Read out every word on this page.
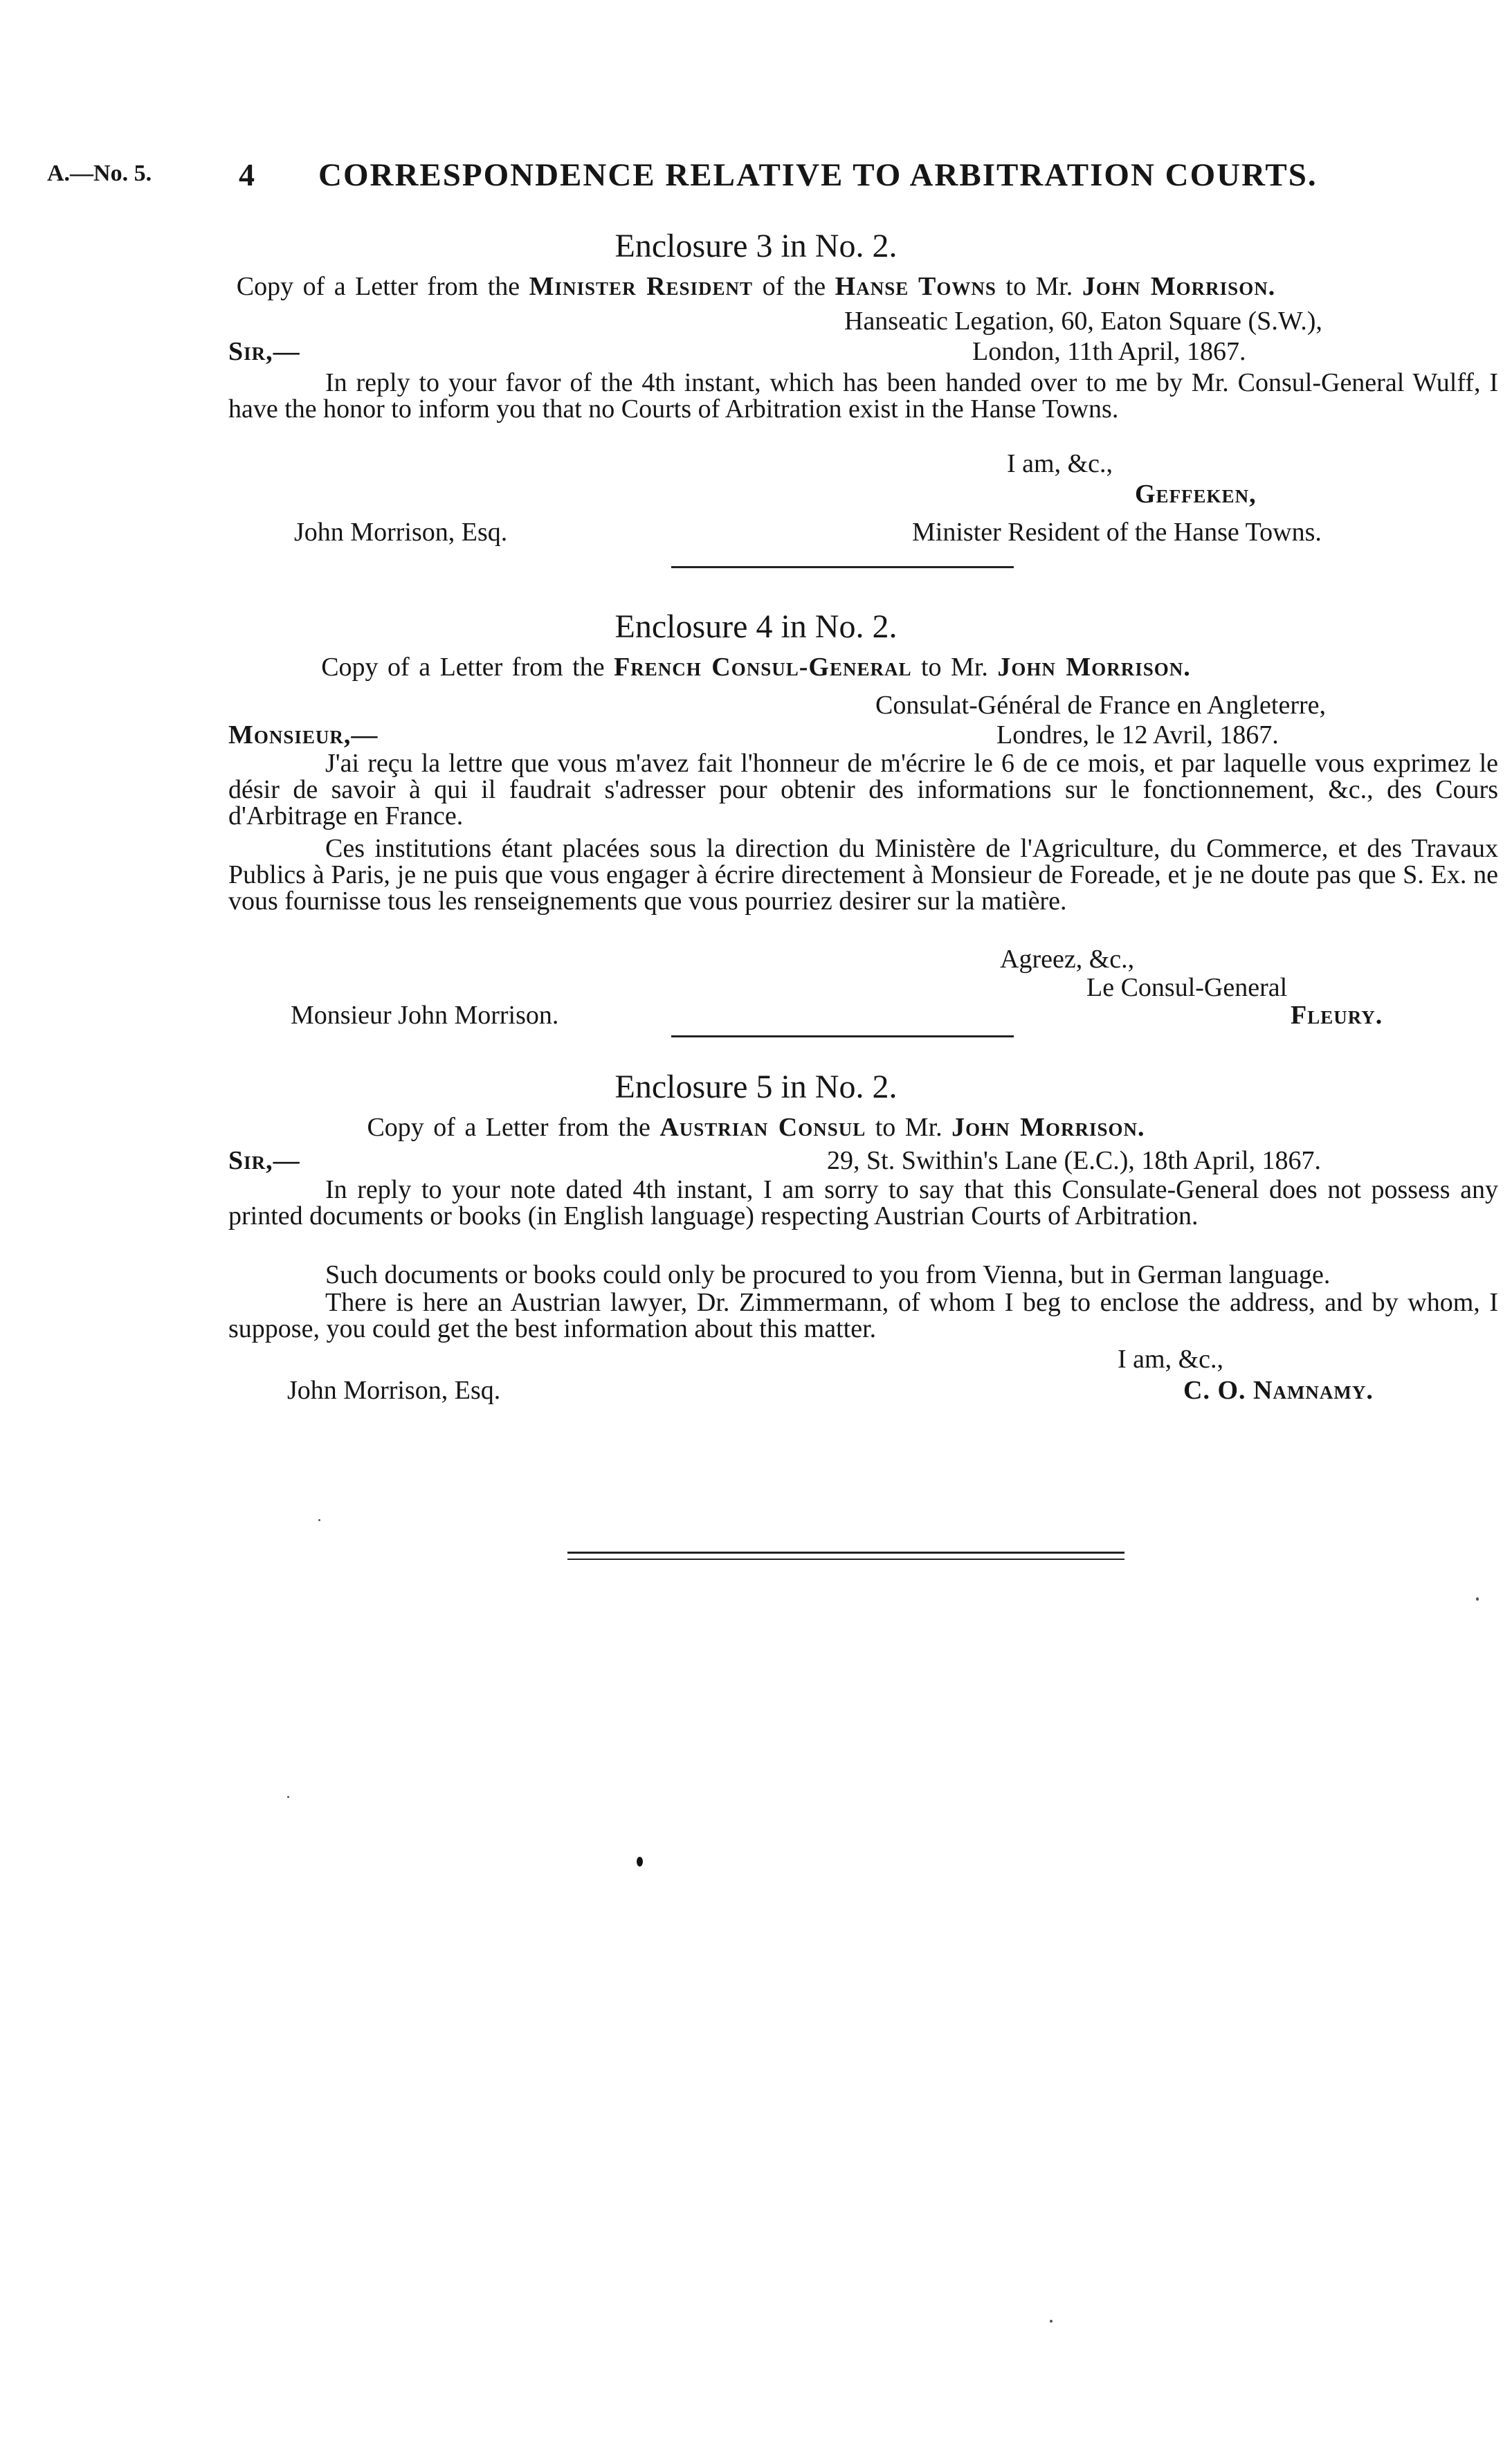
A.—No. 5.	4 CORRESPONDENCE RELATIVE TO ARBITRATION COURTS.
Enclosure 3 in No. 2.
Copy of a Letter from the Minister Resident of the Hanse Towns to Mr. John Morrison.
Hanseatic Legation, 60, Eaton Square (S.W.),
Sir,—	London, 11th April, 1867.
In reply to your favor of the 4th instant, which has been handed over to me by Mr. Consul-General Wulff, I have the honor to inform you that no Courts of Arbitration exist in the Hanse Towns.
I am, &c.,
Geffeken,
John Morrison, Esq.	Minister Resident of the Hanse Towns.
Enclosure 4 in No. 2.
Copy of a Letter from the French Consul-General to Mr. John Morrison.
Consulat-Général de France en Angleterre,
Monsieur,—	Londres, le 12 Avril, 1867.
J'ai reçu la lettre que vous m'avez fait l'honneur de m'écrire le 6 de ce mois, et par laquelle vous exprimez le désir de savoir à qui il faudrait s'adresser pour obtenir des informations sur le fonctionnement, &c., des Cours d'Arbitrage en France.
Ces institutions étant placées sous la direction du Ministère de l'Agriculture, du Commerce, et des Travaux Publics à Paris, je ne puis que vous engager à écrire directement à Monsieur de Foreade, et je ne doute pas que S. Ex. ne vous fournisse tous les renseignements que vous pourriez desirer sur la matière.
Agreez, &c.,
Le Consul-General
Monsieur John Morrison.	Fleury.
Enclosure 5 in No. 2.
Copy of a Letter from the Austrian Consul to Mr. John Morrison.
Sir,—	29, St. Swithin's Lane (E.C.), 18th April, 1867.
In reply to your note dated 4th instant, I am sorry to say that this Consulate-General does not possess any printed documents or books (in English language) respecting Austrian Courts of Arbitration.
Such documents or books could only be procured to you from Vienna, but in German language.
There is here an Austrian lawyer, Dr. Zimmermann, of whom I beg to enclose the address, and by whom, I suppose, you could get the best information about this matter.
I am, &c.,
John Morrison, Esq.	C. O. Namnamy.
